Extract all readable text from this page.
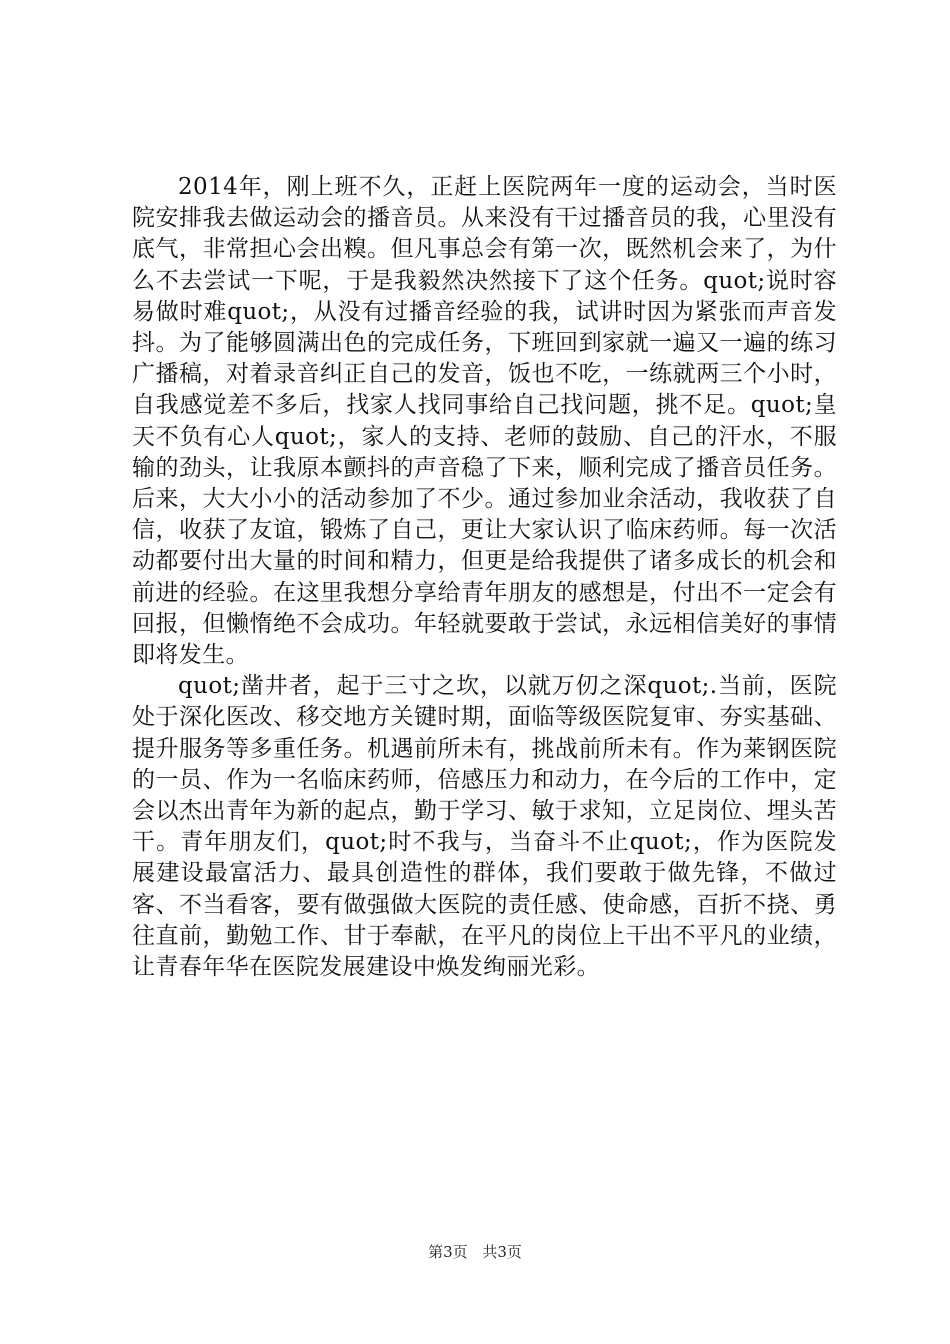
2014年，刚上班不久，正赶上医院两年一度的运动会，当时医院安排我去做运动会的播音员。从来没有干过播音员的我，心里没有底气，非常担心会出糗。但凡事总会有第一次，既然机会来了，为什么不去尝试一下呢，于是我毅然决然接下了这个任务。quot;说时容易做时难quot;，从没有过播音经验的我，试讲时因为紧张而声音发抖。为了能够圆满出色的完成任务，下班回到家就一遍又一遍的练习广播稿，对着录音纠正自己的发音，饭也不吃，一练就两三个小时，自我感觉差不多后，找家人找同事给自己找问题，挑不足。quot;皇天不负有心人quot;，家人的支持、老师的鼓励、自己的汗水，不服输的劲头，让我原本颤抖的声音稳了下来，顺利完成了播音员任务。后来，大大小小的活动参加了不少。通过参加业余活动，我收获了自信，收获了友谊，锻炼了自己，更让大家认识了临床药师。每一次活动都要付出大量的时间和精力，但更是给我提供了诸多成长的机会和前进的经验。在这里我想分享给青年朋友的感想是，付出不一定会有回报，但懒惰绝不会成功。年轻就要敢于尝试，永远相信美好的事情即将发生。

quot;凿井者，起于三寸之坎，以就万仞之深quot;.当前，医院处于深化医改、移交地方关键时期，面临等级医院复审、夯实基础、提升服务等多重任务。机遇前所未有，挑战前所未有。作为莱钢医院的一员、作为一名临床药师，倍感压力和动力，在今后的工作中，定会以杰出青年为新的起点，勤于学习、敏于求知，立足岗位、埋头苦干。青年朋友们，quot;时不我与，当奋斗不止quot;，作为医院发展建设最富活力、最具创造性的群体，我们要敢于做先锋，不做过客、不当看客，要有做强做大医院的责任感、使命感，百折不挠、勇往直前，勤勉工作、甘于奉献，在平凡的岗位上干出不平凡的业绩，让青春年华在医院发展建设中焕发绚丽光彩。

第3页 共3页
